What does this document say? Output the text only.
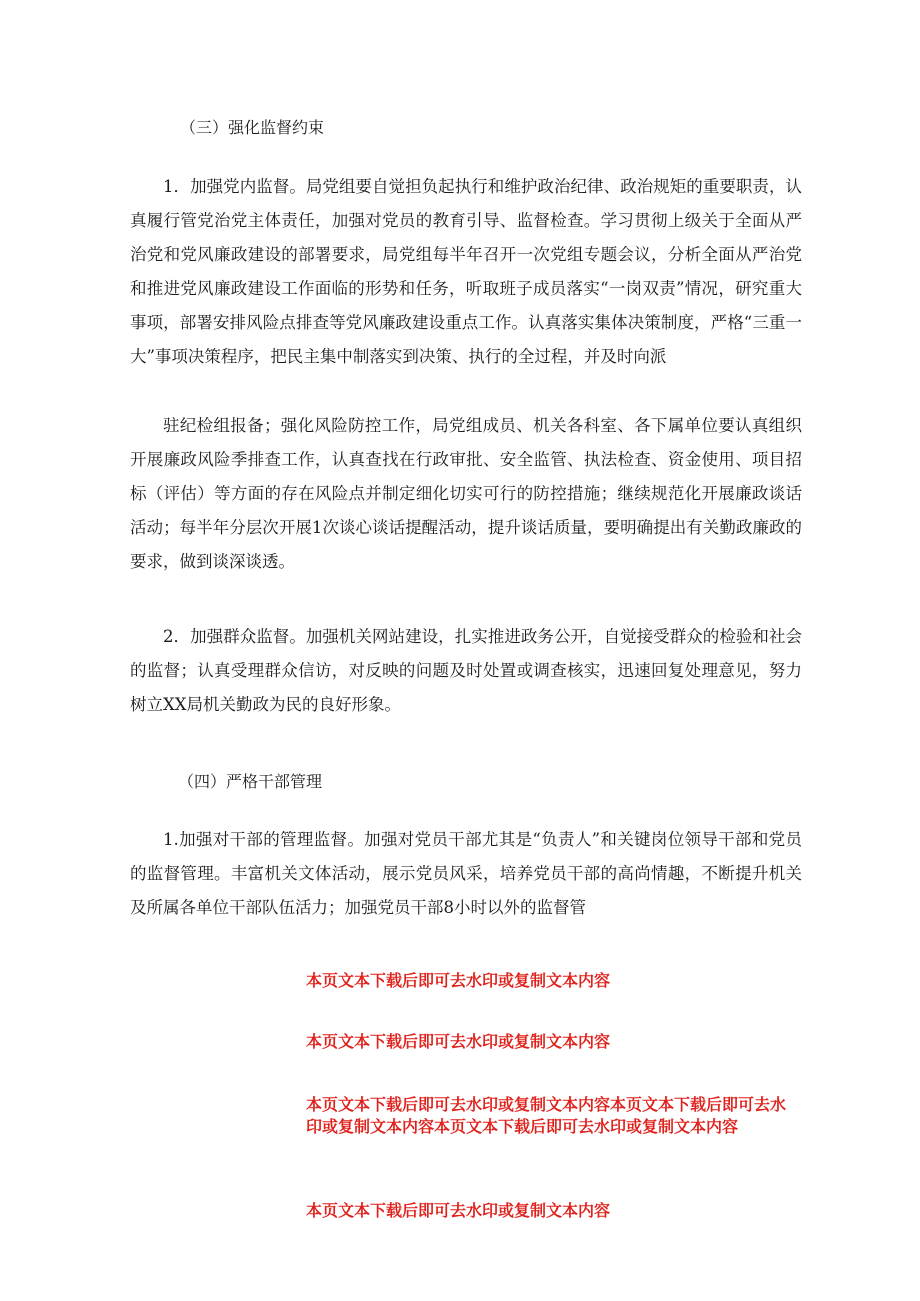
（三）强化监督约束

1．加强党内监督。局党组要自觉担负起执行和维护政治纪律、政治规矩的重要职责，认真履行管党治党主体责任，加强对党员的教育引导、监督检查。学习贯彻上级关于全面从严治党和党风廉政建设的部署要求，局党组每半年召开一次党组专题会议，分析全面从严治党和推进党风廉政建设工作面临的形势和任务，听取班子成员落实“一岗双责”情况，研究重大事项，部署安排风险点排查等党风廉政建设重点工作。认真落实集体决策制度，严格“三重一大”事项决策程序，把民主集中制落实到决策、执行的全过程，并及时向派

驻纪检组报备；强化风险防控工作，局党组成员、机关各科室、各下属单位要认真组织开展廉政风险季排查工作，认真查找在行政审批、安全监管、执法检查、资金使用、项目招标（评估）等方面的存在风险点并制定细化切实可行的防控措施；继续规范化开展廉政谈话活动；每半年分层次开展1次谈心谈话提醒活动，提升谈话质量，要明确提出有关勤政廉政的要求，做到谈深谈透。

2．加强群众监督。加强机关网站建设，扎实推进政务公开，自觉接受群众的检验和社会的监督；认真受理群众信访，对反映的问题及时处置或调查核实，迅速回复处理意见，努力树立XX局机关勤政为民的良好形象。

（四）严格干部管理

1.加强对干部的管理监督。加强对党员干部尤其是“负责人”和关键岗位领导干部和党员的监督管理。丰富机关文体活动，展示党员风采，培养党员干部的高尚情趣，不断提升机关及所属各单位干部队伍活力；加强党员干部8小时以外的监督管

本页文本下载后即可去水印或复制文本内容

本页文本下载后即可去水印或复制文本内容

本页文本下载后即可去水印或复制文本内容本页文本下载后即可去水印或复制文本内容本页文本下载后即可去水印或复制文本内容

本页文本下载后即可去水印或复制文本内容
